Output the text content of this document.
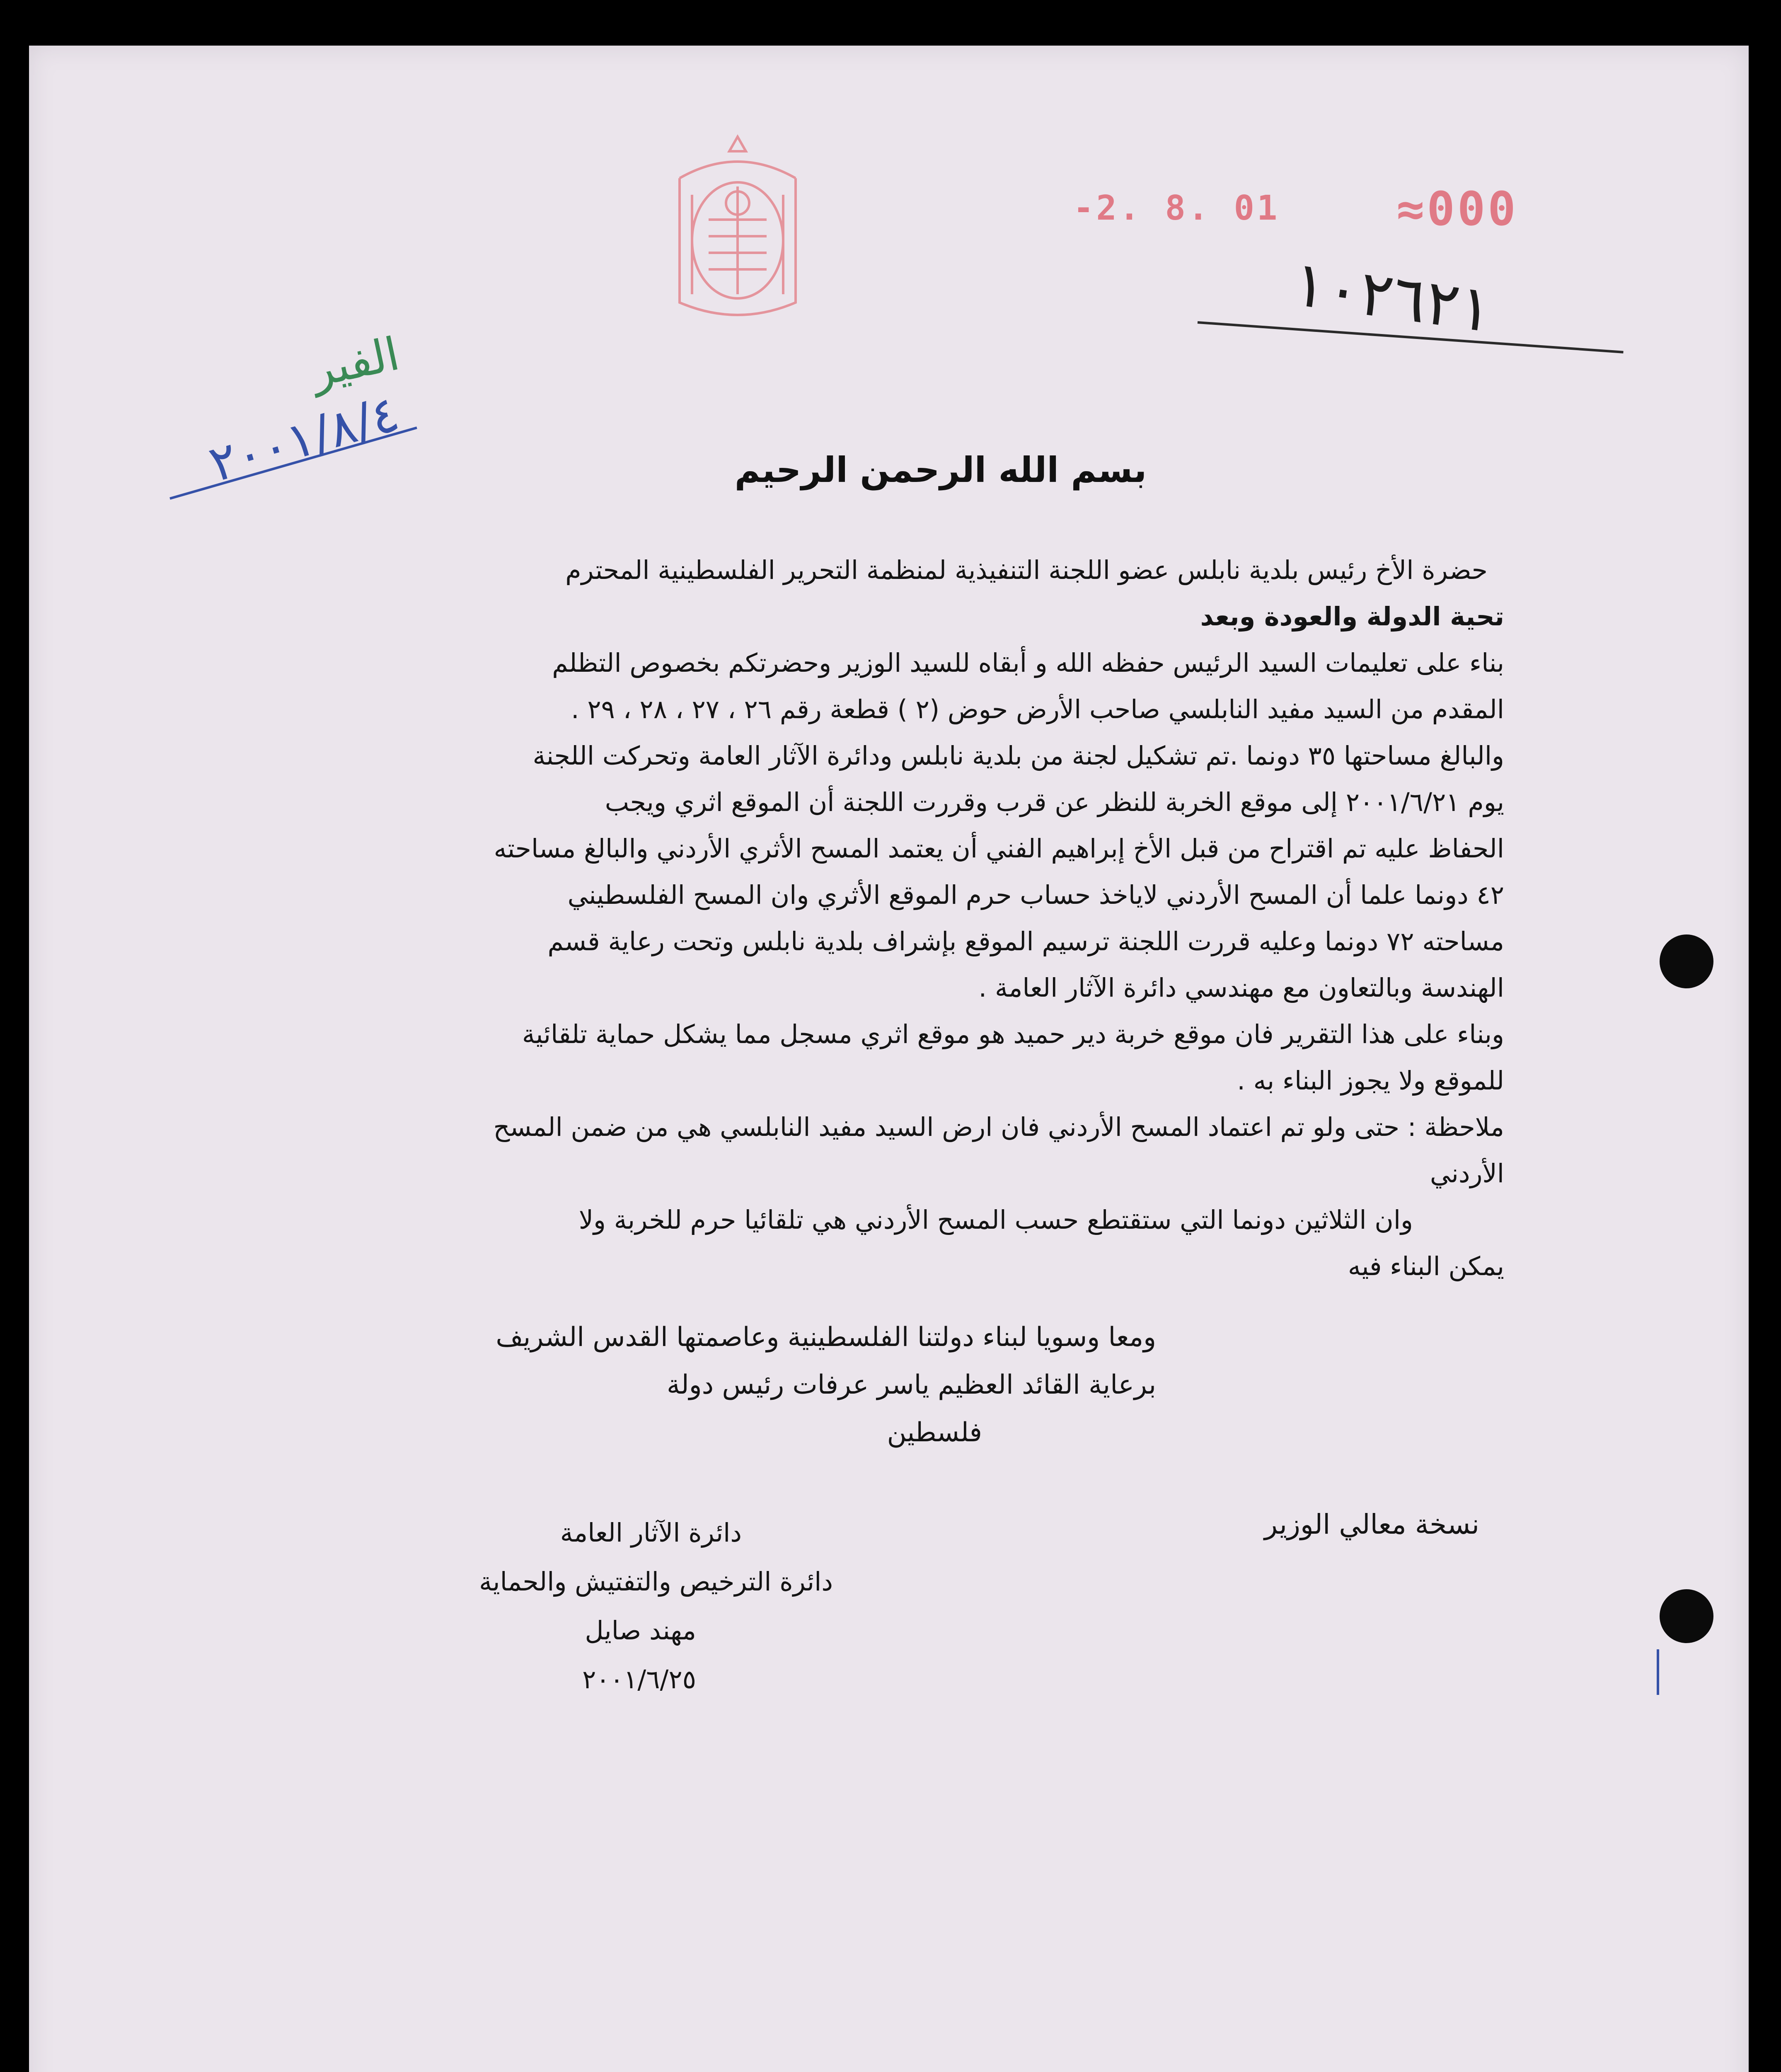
-2. 8. 01	≈000
١٠٢٦٢١
الفير
٢٠٠١/٨/٤	بسم الله الرحمن الرحيم
حضرة الأخ رئيس بلدية نابلس عضو اللجنة التنفيذية لمنظمة التحرير الفلسطينية المحترم
تحية الدولة والعودة وبعد
بناء على تعليمات السيد الرئيس حفظه الله و أبقاه للسيد الوزير وحضرتكم بخصوص التظلم
المقدم من السيد مفيد النابلسي صاحب الأرض حوض (٢ ) قطعة رقم ٢٦ ، ٢٧ ، ٢٨ ، ٢٩ .
والبالغ مساحتها ٣٥ دونما .تم تشكيل لجنة من بلدية نابلس ودائرة الآثار العامة وتحركت اللجنة
يوم ٢٠٠١/٦/٢١ إلى موقع الخربة للنظر عن قرب وقررت اللجنة أن الموقع اثري ويجب
الحفاظ عليه تم اقتراح من قبل الأخ إبراهيم الفني أن يعتمد المسح الأثري الأردني والبالغ مساحته
٤٢ دونما علما أن المسح الأردني لاياخذ حساب حرم الموقع الأثري وان المسح الفلسطيني
مساحته ٧٢ دونما وعليه قررت اللجنة ترسيم الموقع بإشراف بلدية نابلس وتحت رعاية قسم
الهندسة وبالتعاون مع مهندسي دائرة الآثار العامة .
وبناء على هذا التقرير فان موقع خربة دير حميد هو موقع اثري مسجل مما يشكل حماية تلقائية
للموقع ولا يجوز البناء به .
ملاحظة : حتى ولو تم اعتماد المسح الأردني فان ارض السيد مفيد النابلسي هي من ضمن المسح
الأردني
وان الثلاثين دونما التي ستقتطع حسب المسح الأردني هي تلقائيا حرم للخربة ولا
يمكن البناء فيه
ومعا وسويا لبناء دولتنا الفلسطينية وعاصمتها القدس الشريف
برعاية القائد العظيم ياسر عرفات رئيس دولة
فلسطين
نسخة معالي الوزير
دائرة الآثار العامة
دائرة الترخيص والتفتيش والحماية
مهند صايل
٢٠٠١/٦/٢٥
